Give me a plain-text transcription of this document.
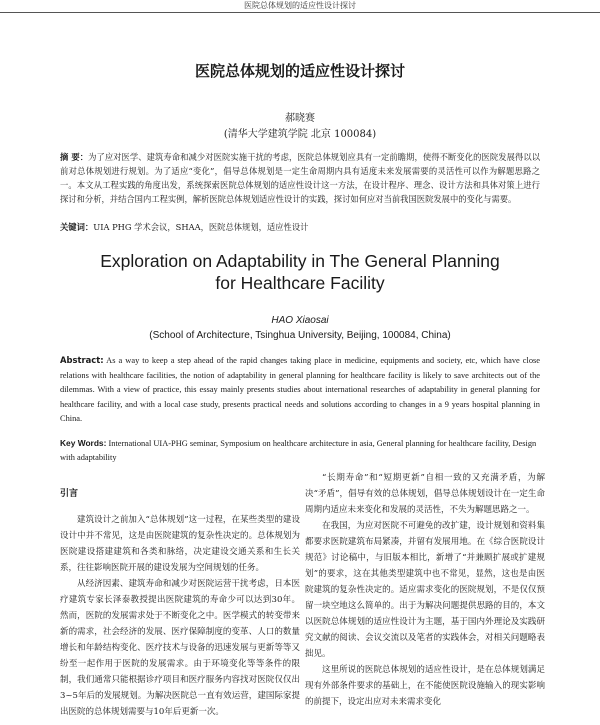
医院总体规划的适应性设计探讨
医院总体规划的适应性设计探讨
郝晓赛
(清华大学建筑学院 北京 100084)
摘 要：为了应对医学、建筑寿命和减少对医院实施干扰的考虑，医院总体规划应具有一定前瞻期，使得不断变化的医院发展得以以前对总体规划进行规划。为了适应“变化”，倡导总体规划是一定生命周期内具有适度未来发展需要的灵活性可以作为解题思路之一。本文从工程实践的角度出发，系统探索医院总体规划的适应性设计这一方法，在设计程序、理念、设计方法和具体对策上进行探讨和分析，并结合国内工程实例，解析医院总体规划适应性设计的实践，探讨如何应对当前我国医院发展中的变化与需要。
关键词：UIA PHG 学术会议，SHAA，医院总体规划，适应性设计
Exploration on Adaptability in The General Planning
for Healthcare Facility
HAO Xiaosai
(School of Architecture, Tsinghua University, Beijing, 100084, China)
Abstract: As a way to keep a step ahead of the rapid changes taking place in medicine, equipments and society, etc, which have close relations with healthcare facilities, the notion of adaptability in general planning for healthcare facility is likely to save architects out of the dilemmas. With a view of practice, this essay mainly presents studies about international researches of adaptability in general planning for healthcare facility, and with a local case study, presents practical needs and solutions according to changes in a 9 years hospital planning in China.
Key Words: International UIA-PHG seminar, Symposium on healthcare architecture in asia, General planning for healthcare facility, Design with adaptability
引言

建筑设计之前加入“总体规划”这一过程，在某些类型的建设设计中并不常见，这是由医院建筑的复杂性决定的。总体规划为医院建设搭建建筑和各类和脉络，决定建设交通关系和生长关系，往往影响医院开展的建设发展为空间规划的任务。

从经济因素、建筑寿命和减少对医院运营干扰考虑，日本医疗建筑专家长泽泰教授提出医院建筑的寿命少可以达到30年。然而，医院的发展需求处于不断变化之中。医学模式的转变带来新的需求，社会经济的发展、医疗保障制度的变革、人口的数量增长和年龄结构变化、医疗技术与设备的迅速发展与更新等等又纷至一起作用于医院的发展需求。由于环境变化等等条件的限制，我们通常只能根据诊疗项目和医疗服务内容找对医院仅仅出3~5年后的发展规划。为解决医院总一直有效运营，建国际家提出医院的总体规划需要与10年后更新一次。

“长期寿命”和“短期更新”自相一致的又充满矛盾，为解决“矛盾”，倡导有效的总体规划，倡导总体规划设计在一定生命周期内适应未来变化和发展的灵活性，不失为解题思路之一。

在我国，为应对医院不可避免的改扩建，设计规划和资料集都要求医院建筑布局紧凑，并留有发展用地。在《综合医院设计规范》讨论稿中，与旧版本相比，新增了“并兼顾扩展或扩建规划”的要求，这在其他类型建筑中也不常见，显然，这也是由医院建筑的复杂性决定的。适应需求变化的医院规划，不是仅仅预留一块空地这么简单的。出于为解决问题提供思路的目的，本文以医院总体规划的适应性设计为主题，基于国内外理论及实践研究文献的阅读、会议交流以及笔者的实践体会，对相关问题略表拙见。

这里所说的医院总体规划的适应性设计，是在总体规划满足现有外部条件要求的基础上，在不能使医院设施输入的现实影响的前提下，设定出应对未来需求变化
